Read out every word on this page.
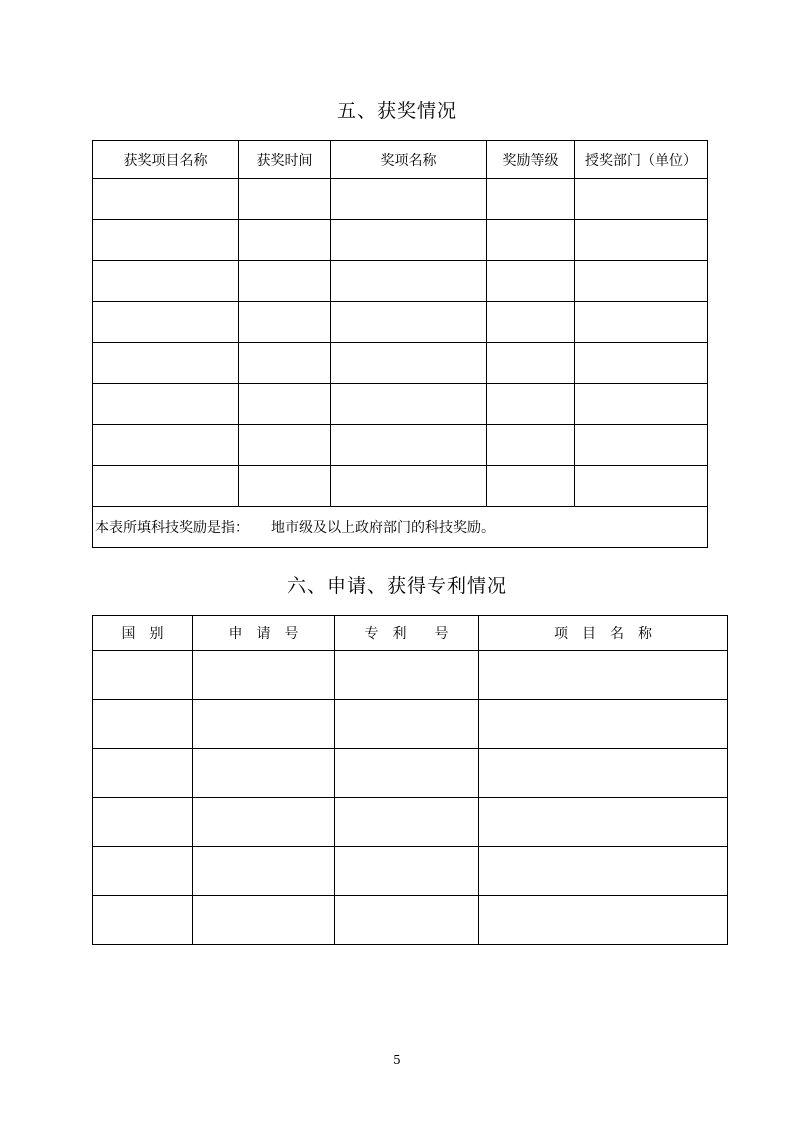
五、获奖情况
获奖项目名称	获奖时间	奖项名称	奖励等级	授奖部门（单位）

本表所填科技奖励是指： 地市级及以上政府部门的科技奖励。				
六、申请、获得专利情况
国　别	申　请　号	专　利　　号	项　目　名　称

5
